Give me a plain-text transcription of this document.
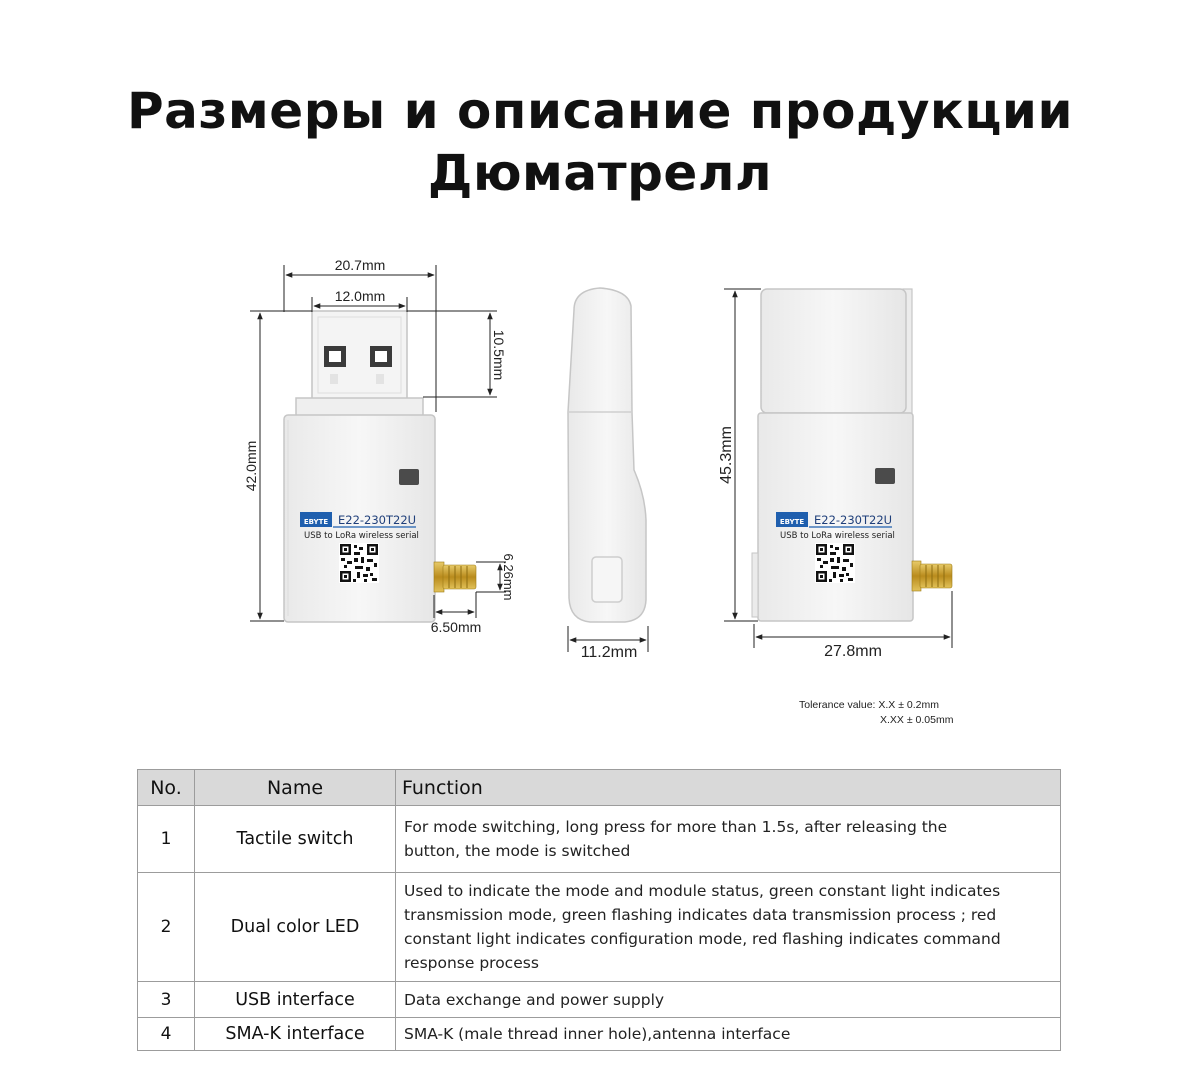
Размеры и описание продукции
Дюматрелл
EBYTE E22-230T22U
USB to LoRa wireless serial
20.7mm
12.0mm
42.0mm
10.5mm
6.26mm
6.50mm
11.2mm
EBYTE E22-230T22U
USB to LoRa wireless serial
45.3mm
27.8mm
Tolerance value: X.X ± 0.2mm
X.XX ± 0.05mm
No.	Name	Function
1	Tactile switch	For mode switching, long press for more than 1.5s, after releasing the button, the mode is switched
2	Dual color LED	Used to indicate the mode and module status, green constant light indicates transmission mode, green flashing indicates data transmission process ; red constant light indicates configuration mode, red flashing indicates command response process
3	USB interface	Data exchange and power supply
4	SMA-K interface	SMA-K (male thread inner hole),antenna interface
